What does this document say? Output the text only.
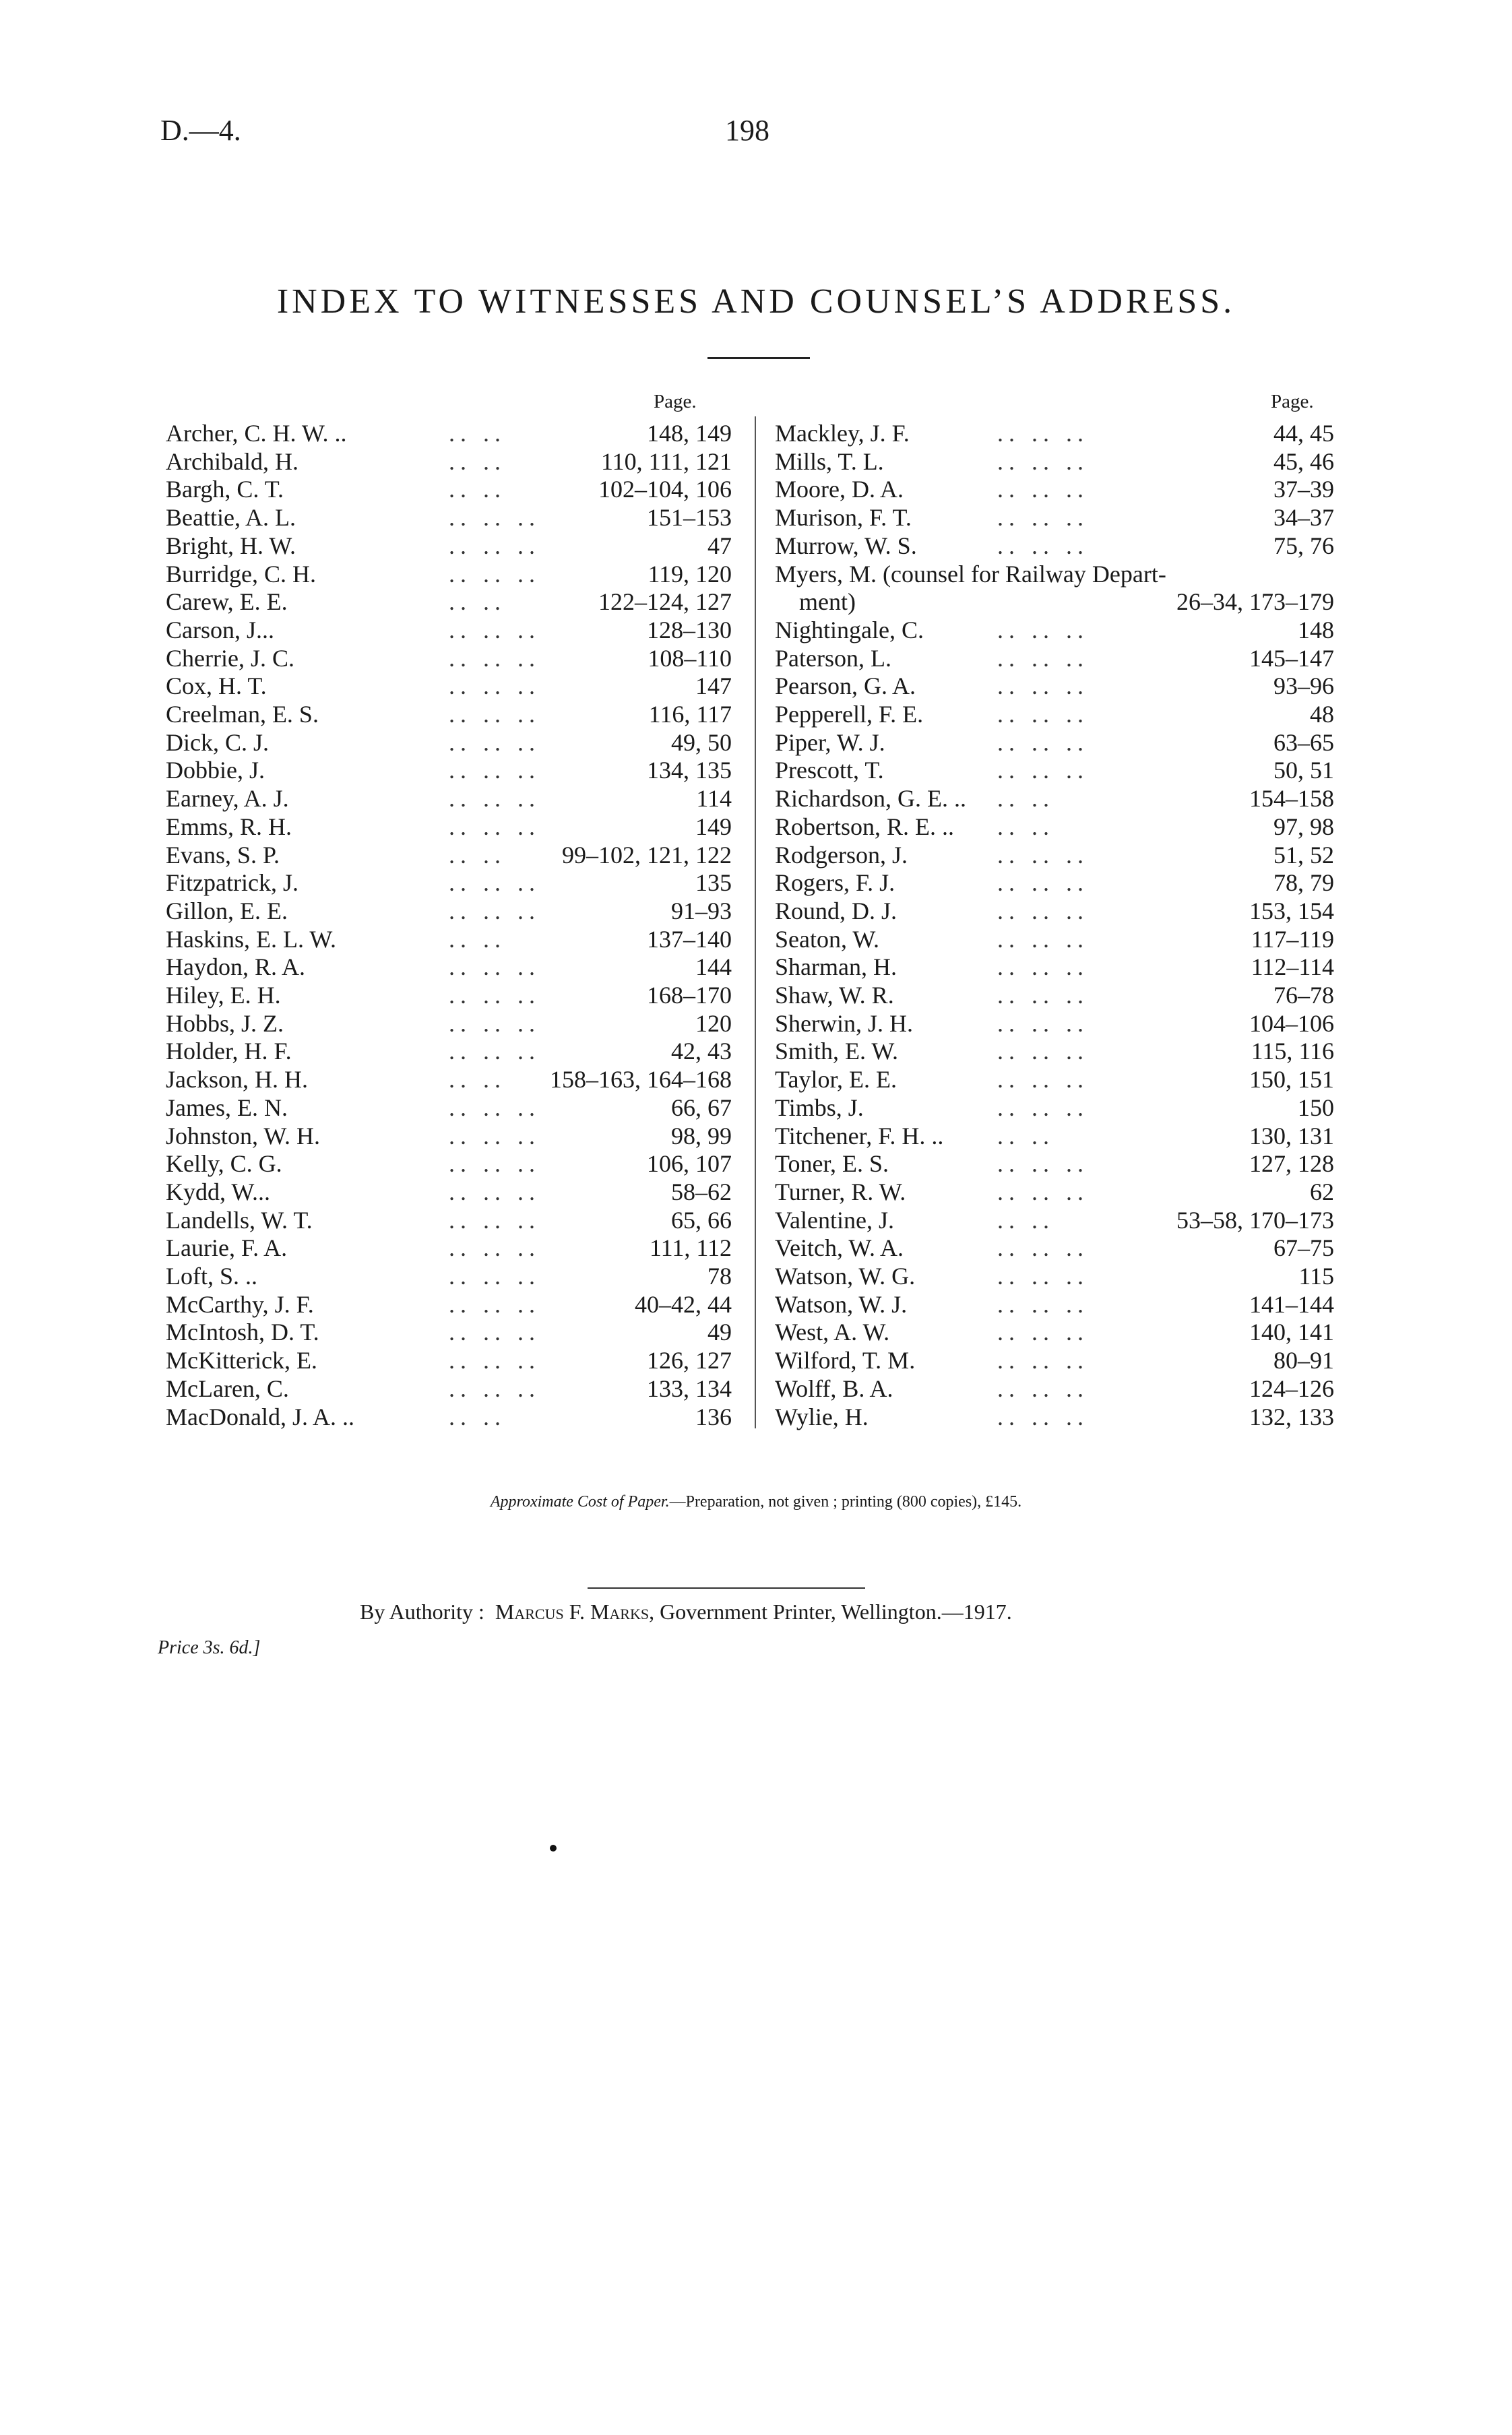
D.—4.	198
INDEX TO WITNESSES AND COUNSEL’S ADDRESS.
Page.	Page.
Archer, C. H. W. ..	.. ..	148, 149
Archibald, H.	.. ..	110, 111, 121
Bargh, C. T.	.. ..	102–104, 106
Beattie, A. L.	.. .. ..	151–153
Bright, H. W.	.. .. ..	47
Burridge, C. H.	.. .. ..	119, 120
Carew, E. E.	.. ..	122–124, 127
Carson, J...	.. .. ..	128–130
Cherrie, J. C.	.. .. ..	108–110
Cox, H. T.	.. .. ..	147
Creelman, E. S.	.. .. ..	116, 117
Dick, C. J.	.. .. ..	49, 50
Dobbie, J.	.. .. ..	134, 135
Earney, A. J.	.. .. ..	114
Emms, R. H.	.. .. ..	149
Evans, S. P.	.. .. 99–102, 121, 122
Fitzpatrick, J.	.. .. ..	135
Gillon, E. E.	.. .. ..	91–93
Haskins, E. L. W.	.. ..	137–140
Haydon, R. A.	.. .. ..	144
Hiley, E. H.	.. .. ..	168–170
Hobbs, J. Z.	.. .. ..	120
Holder, H. F.	.. .. ..	42, 43
Jackson, H. H.	.. .. 158–163, 164–168
James, E. N.	.. .. ..	66, 67
Johnston, W. H.	.. .. ..	98, 99
Kelly, C. G.	.. .. ..	106, 107
Kydd, W...	.. .. ..	58–62
Landells, W. T.	.. .. ..	65, 66
Laurie, F. A.	.. .. ..	111, 112
Loft, S. ..	.. .. ..	78
McCarthy, J. F.	.. .. ..	40–42, 44
McIntosh, D. T.	.. .. ..	49
McKitterick, E.	.. .. ..	126, 127
McLaren, C.	.. .. ..	133, 134
MacDonald, J. A. ..	.. ..	136
Mackley, J. F.	.. .. ..	44, 45
Mills, T. L.	.. .. ..	45, 46
Moore, D. A.	.. .. ..	37–39
Murison, F. T.	.. .. ..	34–37
Murrow, W. S.	.. .. ..	75, 76
Myers, M. (counsel for Railway Depart-
ment)	26–34, 173–179
Nightingale, C.	.. .. ..	148
Paterson, L.	.. .. ..	145–147
Pearson, G. A.	.. .. ..	93–96
Pepperell, F. E.	.. .. ..	48
Piper, W. J.	.. .. ..	63–65
Prescott, T.	.. .. ..	50, 51
Richardson, G. E. .. .. ..	154–158
Robertson, R. E. .. .. ..	97, 98
Rodgerson, J.	.. .. ..	51, 52
Rogers, F. J.	.. .. ..	78, 79
Round, D. J.	.. .. ..	153, 154
Seaton, W.	.. .. ..	117–119
Sharman, H.	.. .. ..	112–114
Shaw, W. R.	.. .. ..	76–78
Sherwin, J. H.	.. .. ..	104–106
Smith, E. W.	.. .. ..	115, 116
Taylor, E. E.	.. .. ..	150, 151
Timbs, J.	.. .. ..	150
Titchener, F. H. .. .. ..	130, 131
Toner, E. S.	.. .. ..	127, 128
Turner, R. W.	.. .. ..	62
Valentine, J.	.. ..	53–58, 170–173
Veitch, W. A.	.. .. ..	67–75
Watson, W. G.	.. .. ..	115
Watson, W. J.	.. .. ..	141–144
West, A. W.	.. .. ..	140, 141
Wilford, T. M.	.. .. ..	80–91
Wolff, B. A.	.. .. ..	124–126
Wylie, H.	.. .. ..	132, 133
Approximate Cost of Paper.—Preparation, not given ; printing (800 copies), £145.
By Authority : Marcus F. Marks, Government Printer, Wellington.—1917.
Price 3s. 6d.]
